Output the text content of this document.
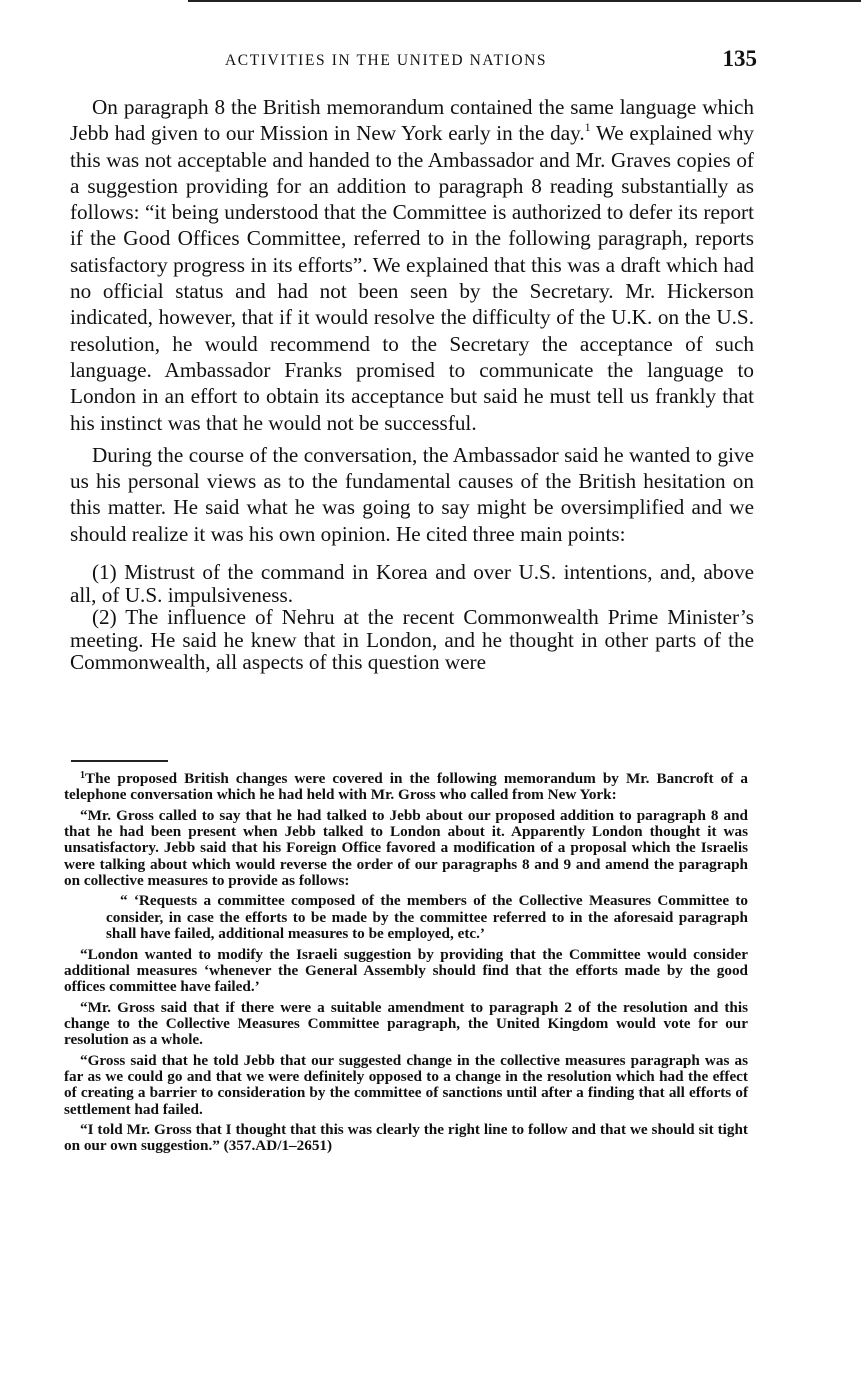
ACTIVITIES IN THE UNITED NATIONS	135

On paragraph 8 the British memorandum contained the same language which Jebb had given to our Mission in New York early in the day.$^1$ We explained why this was not acceptable and handed to the Ambassador and Mr. Graves copies of a suggestion providing for an addition to paragraph 8 reading substantially as follows: “it being understood that the Committee is authorized to defer its report if the Good Offices Committee, referred to in the following paragraph, reports satisfactory progress in its efforts”. We explained that this was a draft which had no official status and had not been seen by the Secretary. Mr. Hickerson indicated, however, that if it would resolve the difficulty of the U.K. on the U.S. resolution, he would recommend to the Secretary the acceptance of such language. Ambassador Franks promised to communicate the language to London in an effort to obtain its acceptance but said he must tell us frankly that his instinct was that he would not be successful.

During the course of the conversation, the Ambassador said he wanted to give us his personal views as to the fundamental causes of the British hesitation on this matter. He said what he was going to say might be oversimplified and we should realize it was his own opinion. He cited three main points:

(1) Mistrust of the command in Korea and over U.S. intentions, and, above all, of U.S. impulsiveness.

(2) The influence of Nehru at the recent Commonwealth Prime Minister’s meeting. He said he knew that in London, and he thought in other parts of the Commonwealth, all aspects of this question were

$^1$The proposed British changes were covered in the following memorandum by Mr. Bancroft of a telephone conversation which he had held with Mr. Gross who called from New York:

“Mr. Gross called to say that he had talked to Jebb about our proposed addition to paragraph 8 and that he had been present when Jebb talked to London about it. Apparently London thought it was unsatisfactory. Jebb said that his Foreign Office favored a modification of a proposal which the Israelis were talking about which would reverse the order of our paragraphs 8 and 9 and amend the paragraph on collective measures to provide as follows:

“ ‘Requests a committee composed of the members of the Collective Measures Committee to consider, in case the efforts to be made by the committee referred to in the aforesaid paragraph shall have failed, additional measures to be employed, etc.’

“London wanted to modify the Israeli suggestion by providing that the Committee would consider additional measures ‘whenever the General Assembly should find that the efforts made by the good offices committee have failed.’

“Mr. Gross said that if there were a suitable amendment to paragraph 2 of the resolution and this change to the Collective Measures Committee paragraph, the United Kingdom would vote for our resolution as a whole.

“Gross said that he told Jebb that our suggested change in the collective measures paragraph was as far as we could go and that we were definitely opposed to a change in the resolution which had the effect of creating a barrier to consideration by the committee of sanctions until after a finding that all efforts of settlement had failed.

“I told Mr. Gross that I thought that this was clearly the right line to follow and that we should sit tight on our own suggestion.” (357.AD/1–2651)
